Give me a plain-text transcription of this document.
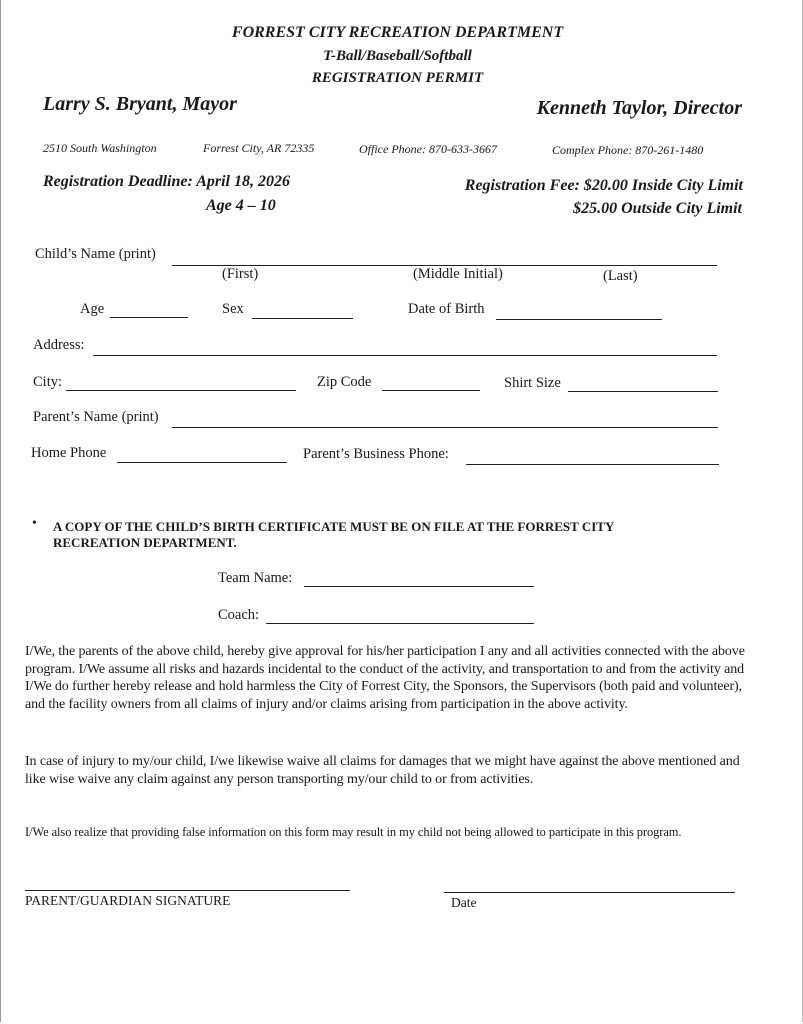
FORREST CITY RECREATION DEPARTMENT
T-Ball/Baseball/Softball
REGISTRATION PERMIT
Larry S. Bryant, Mayor	Kenneth Taylor, Director
2510 South Washington	Forrest City, AR 72335	Office Phone: 870-633-3667	Complex Phone: 870-261-1480
Registration Deadline: April 18, 2026
Age 4 – 10
Registration Fee: $20.00 Inside City Limit
$25.00 Outside City Limit
Child’s Name (print)
(First)	(Middle Initial)	(Last)
Age	Sex	Date of Birth
Address:
City:	Zip Code	Shirt Size
Parent’s Name (print)
Home Phone	Parent’s Business Phone:
• A COPY OF THE CHILD’S BIRTH CERTIFICATE MUST BE ON FILE AT THE FORREST CITY
RECREATION DEPARTMENT.
Team Name:
Coach:
I/We, the parents of the above child, hereby give approval for his/her participation I any and all activities connected with the above program. I/We assume all risks and hazards incidental to the conduct of the activity, and transportation to and from the activity and I/We do further hereby release and hold harmless the City of Forrest City, the Sponsors, the Supervisors (both paid and volunteer), and the facility owners from all claims of injury and/or claims arising from participation in the above activity.
In case of injury to my/our child, I/we likewise waive all claims for damages that we might have against the above mentioned and like wise waive any claim against any person transporting my/our child to or from activities.
I/We also realize that providing false information on this form may result in my child not being allowed to participate in this program.
PARENT/GUARDIAN SIGNATURE	Date
